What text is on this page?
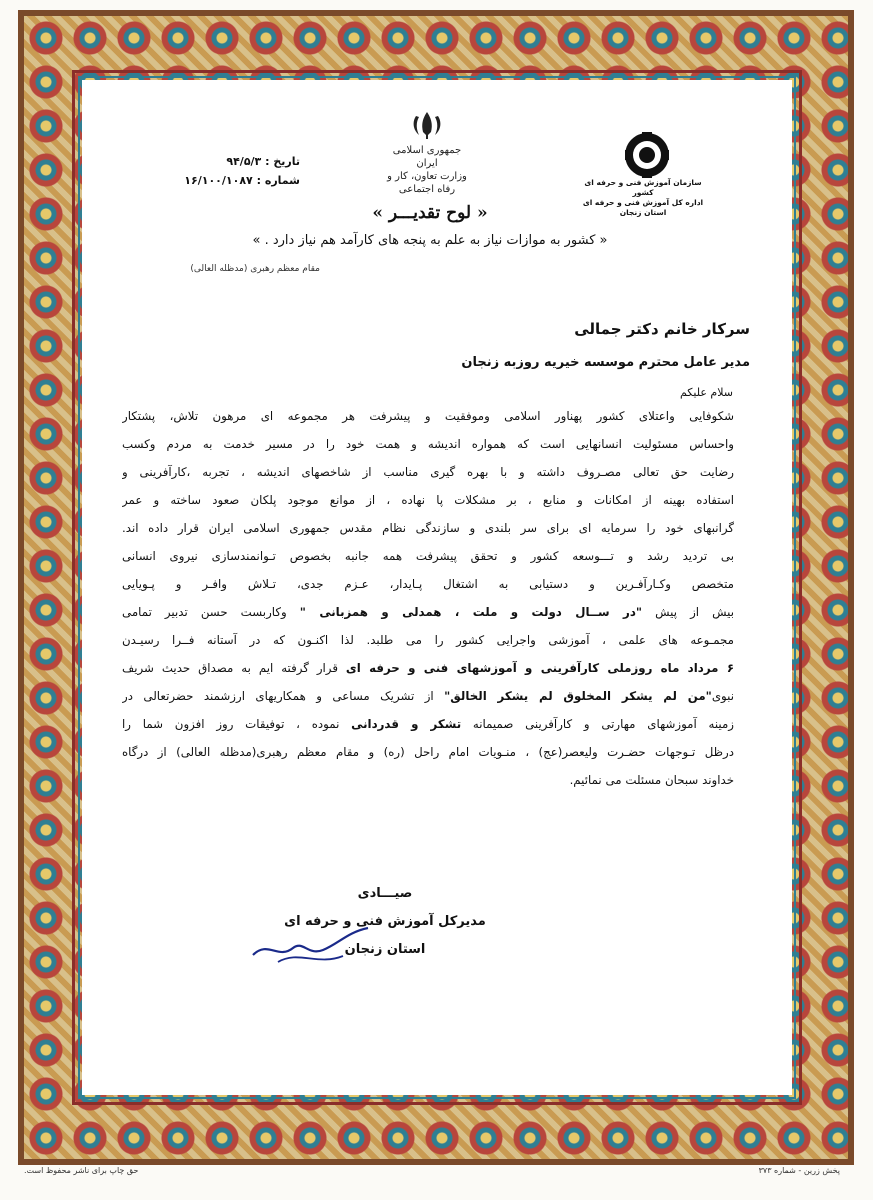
جمهوری اسلامی ایران
وزارت تعاون، کار و رفاه اجتماعی
سازمان آموزش فنی و حرفه ای کشور
اداره کل آموزش فنی و حرفه ای استان زنجان
تاریخ : ۹۴/۵/۳
شماره : ۱۶/۱۰۰/۱۰۸۷
« لوح تقدیـــر »
« کشور به موازات نیاز به علم به پنجه های کارآمد هم نیاز دارد . »
مقام معظم رهبری (مدظله العالی)
سرکار خانم دکتر جمالی
مدیر عامل محترم موسسه خیریه روزبه زنجان
سلام علیکم
شکوفایی واعتلای کشور پهناور اسلامی وموفقیت و پیشرفت هر مجموعه ای مرهون تلاش، پشتکار
واحساس مسئولیت انسانهایی است که همواره اندیشه و همت خود را در مسیر خدمت به مردم وکسب
رضایت حق تعالی مصـروف داشته و با بهره گیری مناسب از شاخصهای اندیشه ، تجربه ،کارآفرینی و
استفاده بهینه از امکانات و منابع ، بر مشکلات پا نهاده ، از موانع موجود پلکان صعود ساخته و عمر
گرانبهای خود را سرمایه ای برای سر بلندی و سازندگی نظام مقدس جمهوری اسلامی ایران قرار داده اند.
بی تردید رشد و تـــوسعه کشور و تحقق پیشرفت همه جانبه بخصوص تـوانمندسازی نیروی انسانی
متخصص وکـارآفـرین و دستیابی به اشتغال پـایدار، عـزم جدی، تـلاش وافـر و پـویایی
بیش از پیش "در ســال دولت و ملت ، همدلی و همزبانی " وکاربست حسن تدبیر تمامی
مجمـوعه های علمی ، آموزشی واجرایی کشور را می طلبد. لذا اکنـون که در آستانه فــرا رسیـدن
۶ مرداد ماه روزملی کارآفرینی و آموزشهای فنی و حرفه ای قرار گرفته ایم به مصداق حدیث شریف
نبوی"من لم یشکر المخلوق لم یشکر الخالق" از تشریک مساعی و همکاریهای ارزشمند حضرتعالی در
زمینه آموزشهای مهارتی و کارآفرینی صمیمانه تشکر و قدردانی نموده ، توفیقات روز افزون شما را
درظل تـوجهات حضـرت ولیعصر(عج) ، منـویات امام راحل (ره) و مقام معظم رهبری(مدظله العالی) از درگاه
خداوند سبحان مسئلت می نمائیم.
صیـــادی
مدیرکل آموزش فنی و حرفه ای
استان زنجان
پخش زرین - شماره ۳۷۳
حق چاپ برای ناشر محفوظ است.
